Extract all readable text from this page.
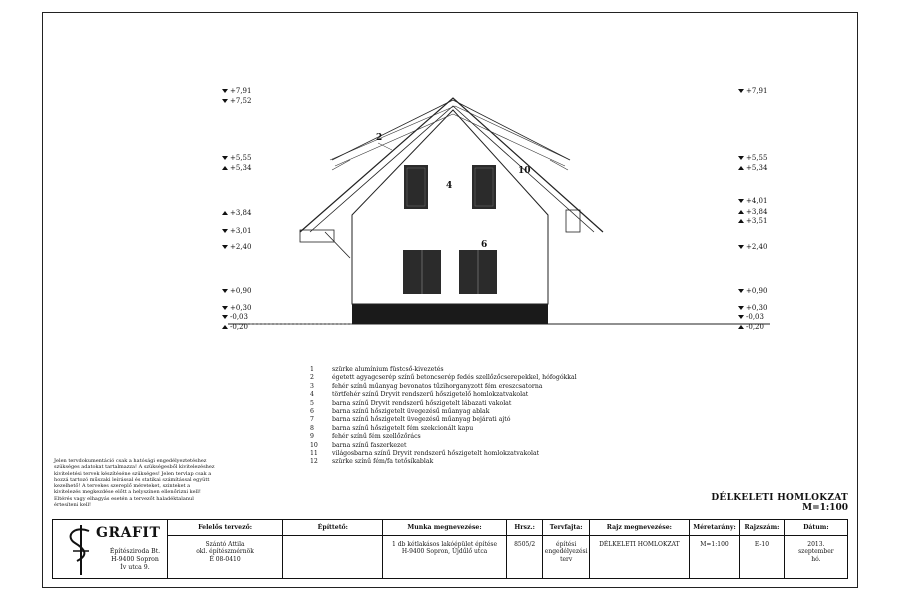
2
4
10
6
+7,91
+7,52
+5,55
+5,34
+3,84
+3,01
+2,40
+0,90
+0,30
-0,03
-0,20
+7,91
+5,55
+5,34
+4,01
+3,84
+3,51
+2,40
+0,90
+0,30
-0,03
-0,20
1	szürke alumínium füstcső-kivezetés
2	égetett agyagcserép színű betoncserép fedés szellőzőcserepekkel, hófogókkal
3	fehér színű műanyag bevonatos tűzihorganyzott fém ereszcsatorna
4	törtfehér színű Dryvit rendszerű hőszigetelő homlokzatvakolat
5	barna színű Dryvit rendszerű hőszigetelt lábazati vakolat
6	barna színű hőszigetelt üvegezésű műanyag ablak
7	barna színű hőszigetelt üvegezésű műanyag bejárati ajtó
8	barna színű hőszigetelt fém szekcionált kapu
9	fehér színű fém szellőzőrács
10	barna színű faszerkezet
11	világosbarna színű Dryvit rendszerű hőszigetelt homlokzatvakolat
12	szürke színű fém/fa tetősíkablak
Jelen tervdokumentáció csak a hatósági engedélyeztetéshez szükséges adatokat tartalmazza! A szükségesből kivitelezéshez kiviteletési tervek készítéséne szükséges! Jelen tervlap csak a hozzá tartozó műszaki leírással és statikai számítással együtt kezelhető! A tervekes szereplő méreteket, szinteket a kivitelezés megkezdése előtt a helyszínen ellenőrizni kell! Eltérés vagy elhagyás esetén a tervezőt haladéktalanul értesíteni kell!
DÉLKELETI HOMLOKZAT
M=1:100
GRAFIT
Építésziroda Bt.
H-9400 Sopron
Ív utca 9.
Felelős tervező:
Szántó Attila
okl. építészmérnök
É 08-0410
Építtető:	Munka megnevezése:
1 db kétlakásos lakóépület építése
H-9400 Sopron, Újdűlő utca
Hrsz.:
8505/2
Tervfajta:
építési
engedélyezési
terv
Rajz megnevezése:
DÉLKELETI HOMLOKZAT
Méretarány:
M=1:100
Rajzszám:
E-10
Dátum:
2013.
szeptember
hó.
